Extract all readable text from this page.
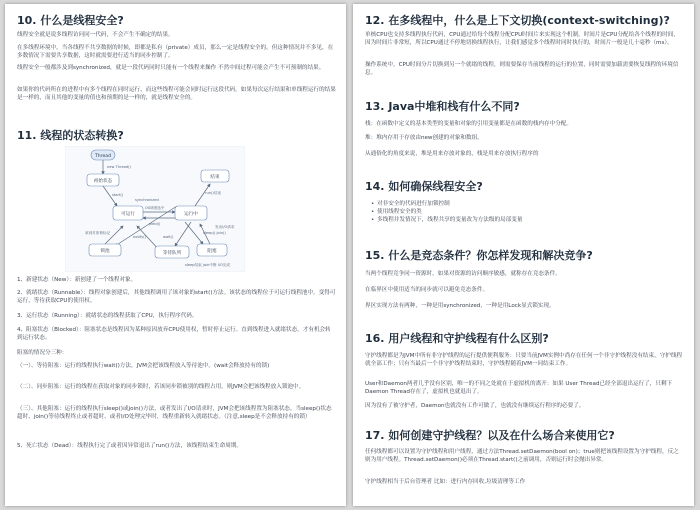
10. 什么是线程安全?

线程安全就是说多线程访问同一代码，不会产生不确定的结果。

在多线程环境中，当各线程不共享数据的时候，即都是私有（private）成员，那么一定是线程安全的。但这种情况并不多见，在多数情况下需要共享数据，这时就需要进行适当的同步控制了。

线程安全一般都涉及到synchronized，就是一段代码同时只能有一个线程来操作 不然中间过程可能会产生不可预制的结果。

如果你的代码所在的进程中有多个线程在同时运行，而这些线程可能会同时运行这段代码。如果每次运行结果和单线程运行的结果是一样的，而且其他的变量的值也和预期的是一样的，就是线程安全的。

11. 线程的状态转换?
Thread
初始状态
可运行	运行中
结束
锁池	等待队列	阻塞
new Thread()
start()
OS调度选中
yield()
run()结束
wait()
notify()
sleep() join()
拿到对象锁标记
synchronized
sleep结束 join中断 I/O完成
发出I/O请求

1、新建状态（New）：新创建了一个线程对象。

2、就绪状态（Runnable）：线程对象创建后，其他线程调用了该对象的start()方法。该状态的线程位于可运行线程池中，变得可运行，等待获取CPU的使用权。

3、运行状态（Running）：就绪状态的线程获取了CPU，执行程序代码。

4、阻塞状态（Blocked）：阻塞状态是线程因为某种原因放弃CPU使用权，暂时停止运行。直到线程进入就绪状态，才有机会转到运行状态。

阻塞的情况分三种：

（一）、等待阻塞：运行的线程执行wait()方法，JVM会把该线程放入等待池中。(wait会释放持有的锁)

（二）、同步阻塞：运行的线程在获取对象的同步锁时，若该同步锁被别的线程占用，则JVM会把该线程放入锁池中。

（三）、其他阻塞：运行的线程执行sleep()或join()方法，或者发出了I/O请求时，JVM会把该线程置为阻塞状态。当sleep()状态超时、join()等待线程终止或者超时、或者I/O处理完毕时，线程重新转入就绪状态。（注意,sleep是不会释放持有的锁）

5、死亡状态（Dead）：线程执行完了或者因异常退出了run()方法，该线程结束生命周期。

12. 在多线程中，什么是上下文切换(context-switching)?

单核CPU也支持多线程执行代码，CPU通过给每个线程分配CPU时间片来实现这个机制。时间片是CPU分配给各个线程的时间，因为时间片非常短，所以CPU通过不停地切换线程执行，让我们感觉多个线程时同时执行的，时间片一般是几十毫秒（ms）。

操作系统中，CPU时间分片切换到另一个就绪的线程，则需要保存当前线程的运行的位置，同时需要加载需要恢复线程的环境信息。

13. Java中堆和栈有什么不同?

栈：在函数中定义的基本类型的变量和对象的引用变量都是在函数的栈内存中分配。

堆：堆内存用于存放由new创建的对象和数组。

从通俗化的角度来说，堆是用来存放对象的，栈是用来存放执行程序的

14. 如何确保线程安全?
• 对非安全的代码进行加锁控制
• 使用线程安全的类
• 多线程并发情况下，线程共享的变量改为方法级的局部变量
15. 什么是竞态条件？你怎样发现和解决竞争?

当两个线程竞争同一资源时，如果对资源的访问顺序敏感，就称存在竞态条件。

在临界区中使用适当的同步就可以避免竞态条件。

界区实现方法有两种，一种是用synchronized，一种是用Lock显式锁实现。

16. 用户线程和守护线程有什么区别?

守护线程都是为JVM中所有非守护线程的运行提供便利服务：只要当前JVM实例中尚存在任何一个非守护线程没有结束，守护线程就全部工作；只有当最后一个非守护线程结束时，守护线程随着JVM一同结束工作。

User和Daemon两者几乎没有区别，唯一的不同之处就在于虚拟机的离开：如果 User Thread已经全部退出运行了，只剩下Daemon Thread存在了，虚拟机也就退出了。

因为没有了被守护者，Daemon也就没有工作可做了，也就没有继续运行程序的必要了。

17. 如何创建守护线程？以及在什么场合来使用它?

任何线程都可以设置为守护线程和用户线程，通过方法Thread.setDaemon(bool on)；true则把该线程设置为守护线程，反之则为用户线程。Thread.setDaemon()必须在Thread.start()之前调用，否则运行时会抛出异常。

守护线程相当于后台管理者 比如：进行内存回收,垃圾清理等工作
